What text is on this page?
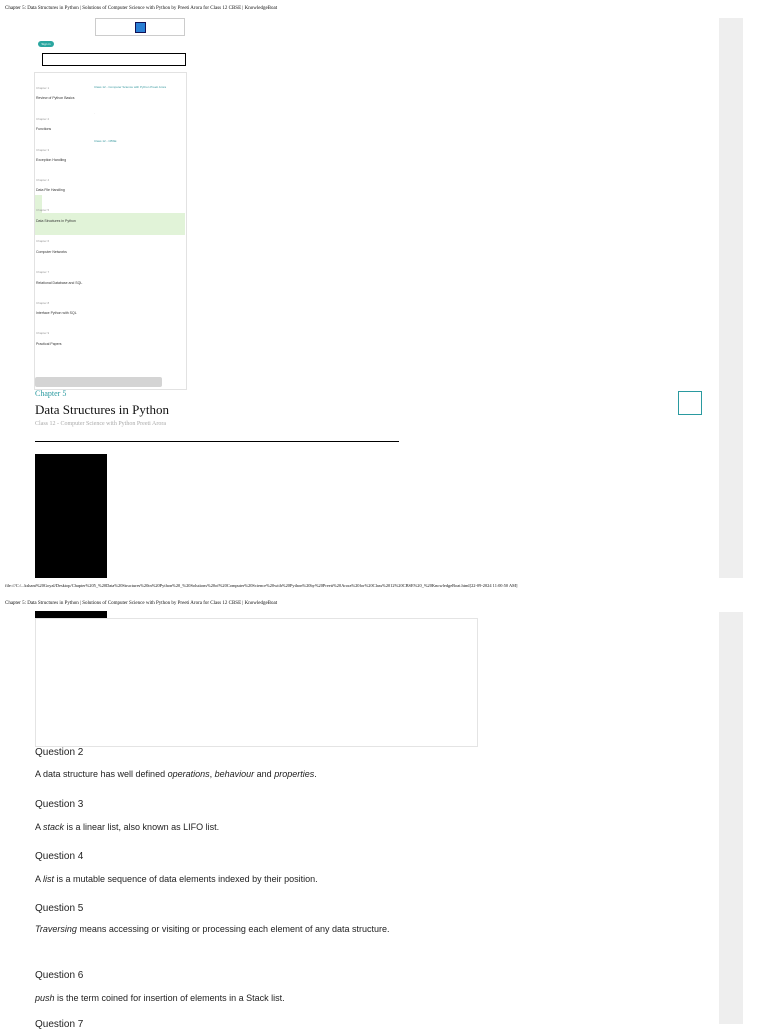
Chapter 5: Data Structures in Python | Solutions of Computer Science with Python by Preeti Arora for Class 12 CBSE | KnowledgeBoat
Sign in
Class 12 - Computer Science with Python Preeti Arora
·
Class 12 - CBSE
Chapter 1
Review of Python Basics
Chapter 2
Functions
Chapter 3
Exception Handling
Chapter 4
Data File Handling
Chapter 5
Data Structures in Python
Chapter 6
Computer Networks
Chapter 7
Relational Database and SQL
Chapter 8
Interface Python with SQL
Chapter 9
Practical Papers
Chapter 5
Data Structures in Python
Class 12 - Computer Science with Python Preeti Arora
file:///C:/...kshant%20Goyal/Desktop/Chapter%205_%20Data%20Structures%20in%20Python%20_%20Solutions%20of%20Computer%20Science%20with%20Python%20by%20Preeti%20Arora%20for%20Class%2012%20CBSE%20_%20KnowledgeBoat.html[22-09-2024 11:00:50 AM]
Chapter 5: Data Structures in Python | Solutions of Computer Science with Python by Preeti Arora for Class 12 CBSE | KnowledgeBoat
Question 2
A data structure has well defined operations, behaviour and properties.
Question 3
A stack is a linear list, also known as LIFO list.
Question 4
A list is a mutable sequence of data elements indexed by their position.
Question 5
Traversing means accessing or visiting or processing each element of any data structure.
Question 6
push is the term coined for insertion of elements in a Stack list.
Question 7
